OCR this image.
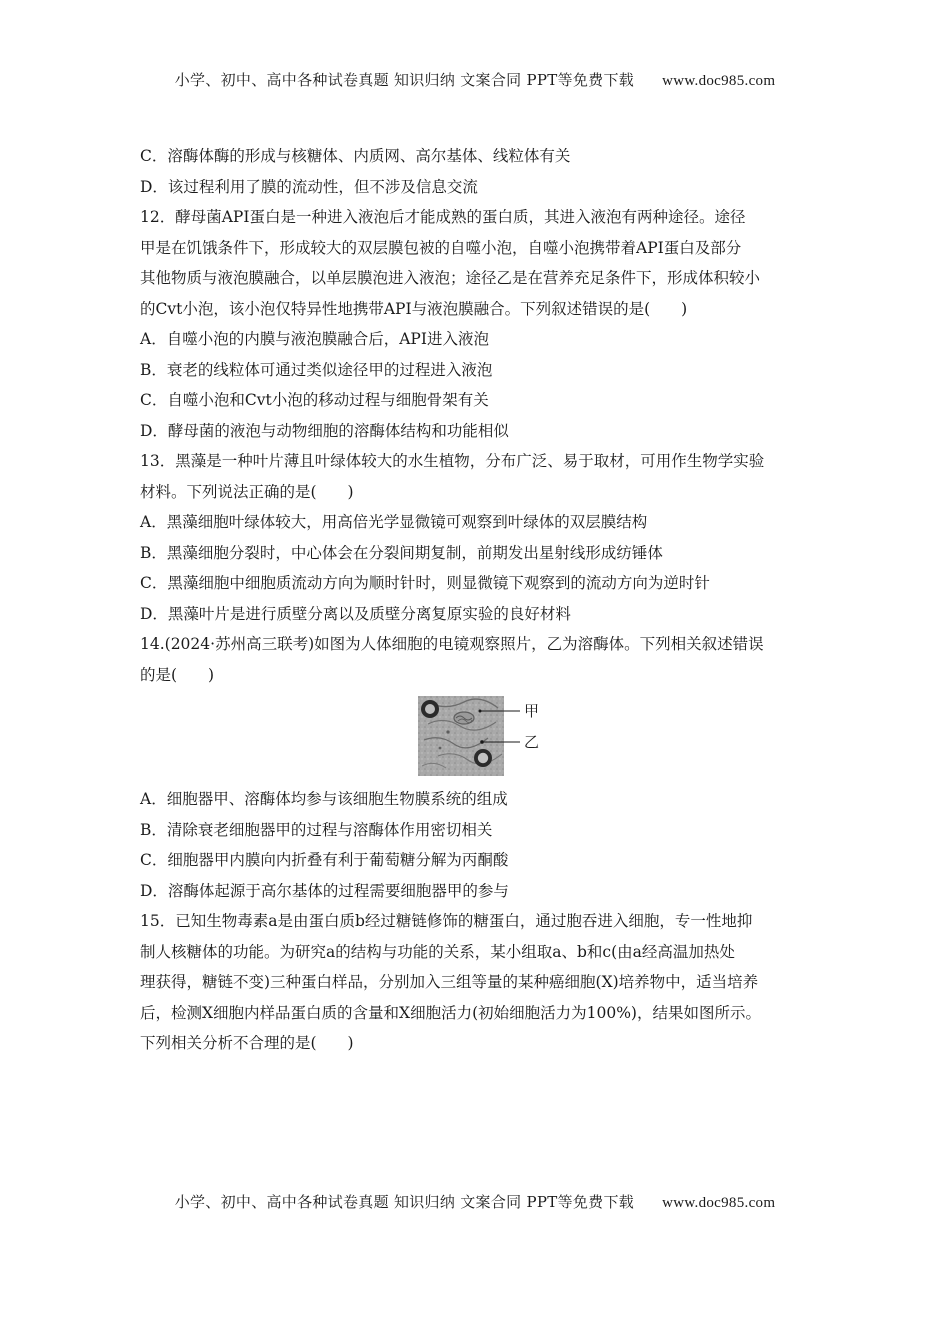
小学、初中、高中各种试卷真题 知识归纳 文案合同 PPT等免费下载 www.doc985.com
C．溶酶体酶的形成与核糖体、内质网、高尔基体、线粒体有关
D．该过程利用了膜的流动性，但不涉及信息交流
12．酵母菌API蛋白是一种进入液泡后才能成熟的蛋白质，其进入液泡有两种途径。途径
甲是在饥饿条件下，形成较大的双层膜包被的自噬小泡，自噬小泡携带着API蛋白及部分
其他物质与液泡膜融合，以单层膜泡进入液泡；途径乙是在营养充足条件下，形成体积较小
的Cvt小泡，该小泡仅特异性地携带API与液泡膜融合。下列叙述错误的是(　　)
A．自噬小泡的内膜与液泡膜融合后，API进入液泡
B．衰老的线粒体可通过类似途径甲的过程进入液泡
C．自噬小泡和Cvt小泡的移动过程与细胞骨架有关
D．酵母菌的液泡与动物细胞的溶酶体结构和功能相似
13．黑藻是一种叶片薄且叶绿体较大的水生植物，分布广泛、易于取材，可用作生物学实验
材料。下列说法正确的是(　　)
A．黑藻细胞叶绿体较大，用高倍光学显微镜可观察到叶绿体的双层膜结构
B．黑藻细胞分裂时，中心体会在分裂间期复制，前期发出星射线形成纺锤体
C．黑藻细胞中细胞质流动方向为顺时针时，则显微镜下观察到的流动方向为逆时针
D．黑藻叶片是进行质壁分离以及质壁分离复原实验的良好材料
14.(2024·苏州高三联考)如图为人体细胞的电镜观察照片，乙为溶酶体。下列相关叙述错误
的是(　　)
甲
乙
A．细胞器甲、溶酶体均参与该细胞生物膜系统的组成
B．清除衰老细胞器甲的过程与溶酶体作用密切相关
C．细胞器甲内膜向内折叠有利于葡萄糖分解为丙酮酸
D．溶酶体起源于高尔基体的过程需要细胞器甲的参与
15．已知生物毒素a是由蛋白质b经过糖链修饰的糖蛋白，通过胞吞进入细胞，专一性地抑
制人核糖体的功能。为研究a的结构与功能的关系，某小组取a、b和c(由a经高温加热处
理获得，糖链不变)三种蛋白样品，分别加入三组等量的某种癌细胞(X)培养物中，适当培养
后，检测X细胞内样品蛋白质的含量和X细胞活力(初始细胞活力为100%)，结果如图所示。
下列相关分析不合理的是(　　)
小学、初中、高中各种试卷真题 知识归纳 文案合同 PPT等免费下载 www.doc985.com
